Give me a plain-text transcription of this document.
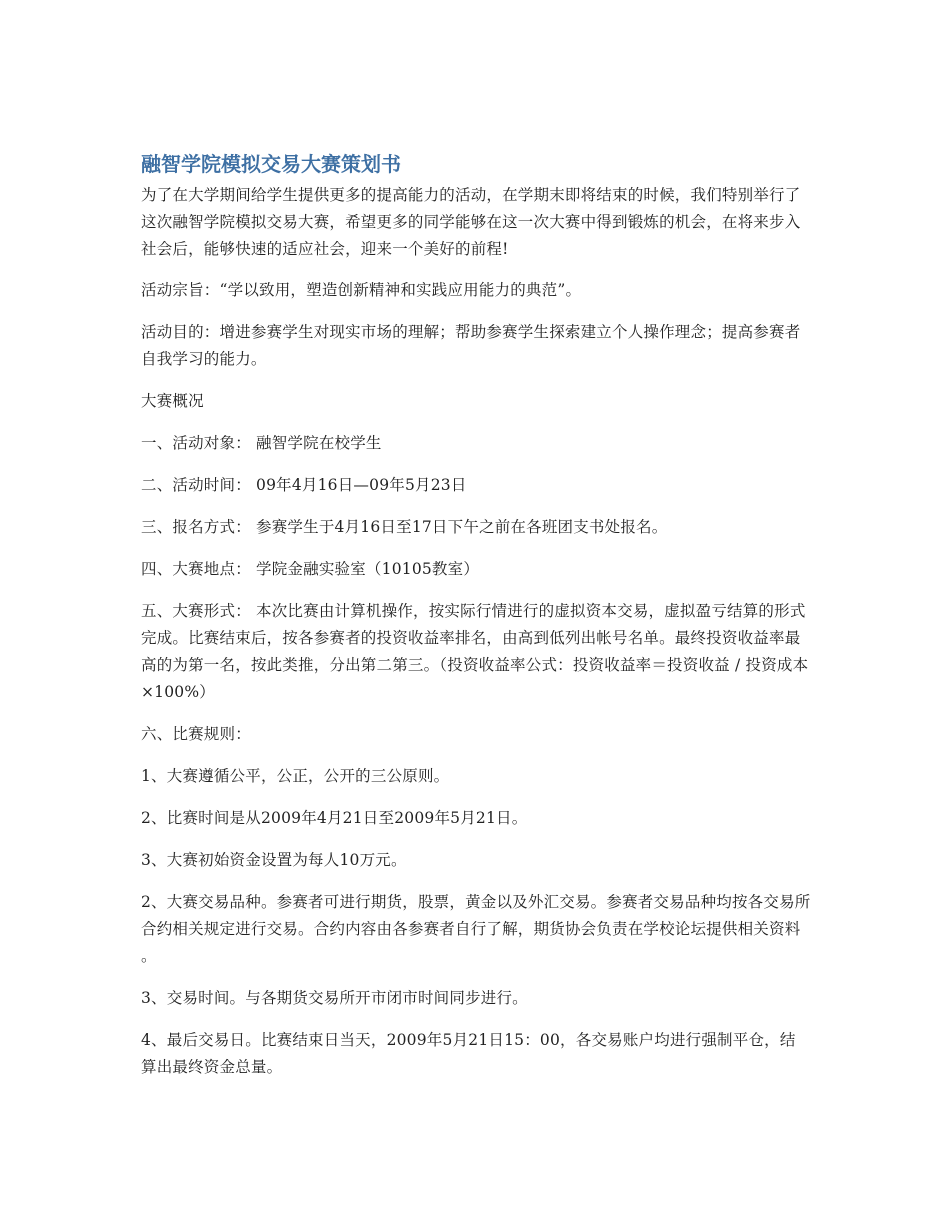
融智学院模拟交易大赛策划书

为了在大学期间给学生提供更多的提高能力的活动，在学期末即将结束的时候，我们特别举行了这次融智学院模拟交易大赛，希望更多的同学能够在这一次大赛中得到锻炼的机会，在将来步入社会后，能够快速的适应社会，迎来一个美好的前程!

活动宗旨：“学以致用，塑造创新精神和实践应用能力的典范”。

活动目的：增进参赛学生对现实市场的理解；帮助参赛学生探索建立个人操作理念；提高参赛者自我学习的能力。

大赛概况

一、活动对象： 融智学院在校学生

二、活动时间： 09年4月16日—09年5月23日

三、报名方式： 参赛学生于4月16日至17日下午之前在各班团支书处报名。

四、大赛地点： 学院金融实验室（10105教室）

五、大赛形式： 本次比赛由计算机操作，按实际行情进行的虚拟资本交易，虚拟盈亏结算的形式完成。比赛结束后，按各参赛者的投资收益率排名，由高到低列出帐号名单。最终投资收益率最高的为第一名，按此类推，分出第二第三。（投资收益率公式：投资收益率＝投资收益 / 投资成本×100%）

六、比赛规则：

1、大赛遵循公平，公正，公开的三公原则。

2、比赛时间是从2009年4月21日至2009年5月21日。

3、大赛初始资金设置为每人10万元。

2、大赛交易品种。参赛者可进行期货，股票，黄金以及外汇交易。参赛者交易品种均按各交易所合约相关规定进行交易。合约内容由各参赛者自行了解，期货协会负责在学校论坛提供相关资料 。

3、交易时间。与各期货交易所开市闭市时间同步进行。

4、最后交易日。比赛结束日当天，2009年5月21日15：00，各交易账户均进行强制平仓，结算出最终资金总量。
